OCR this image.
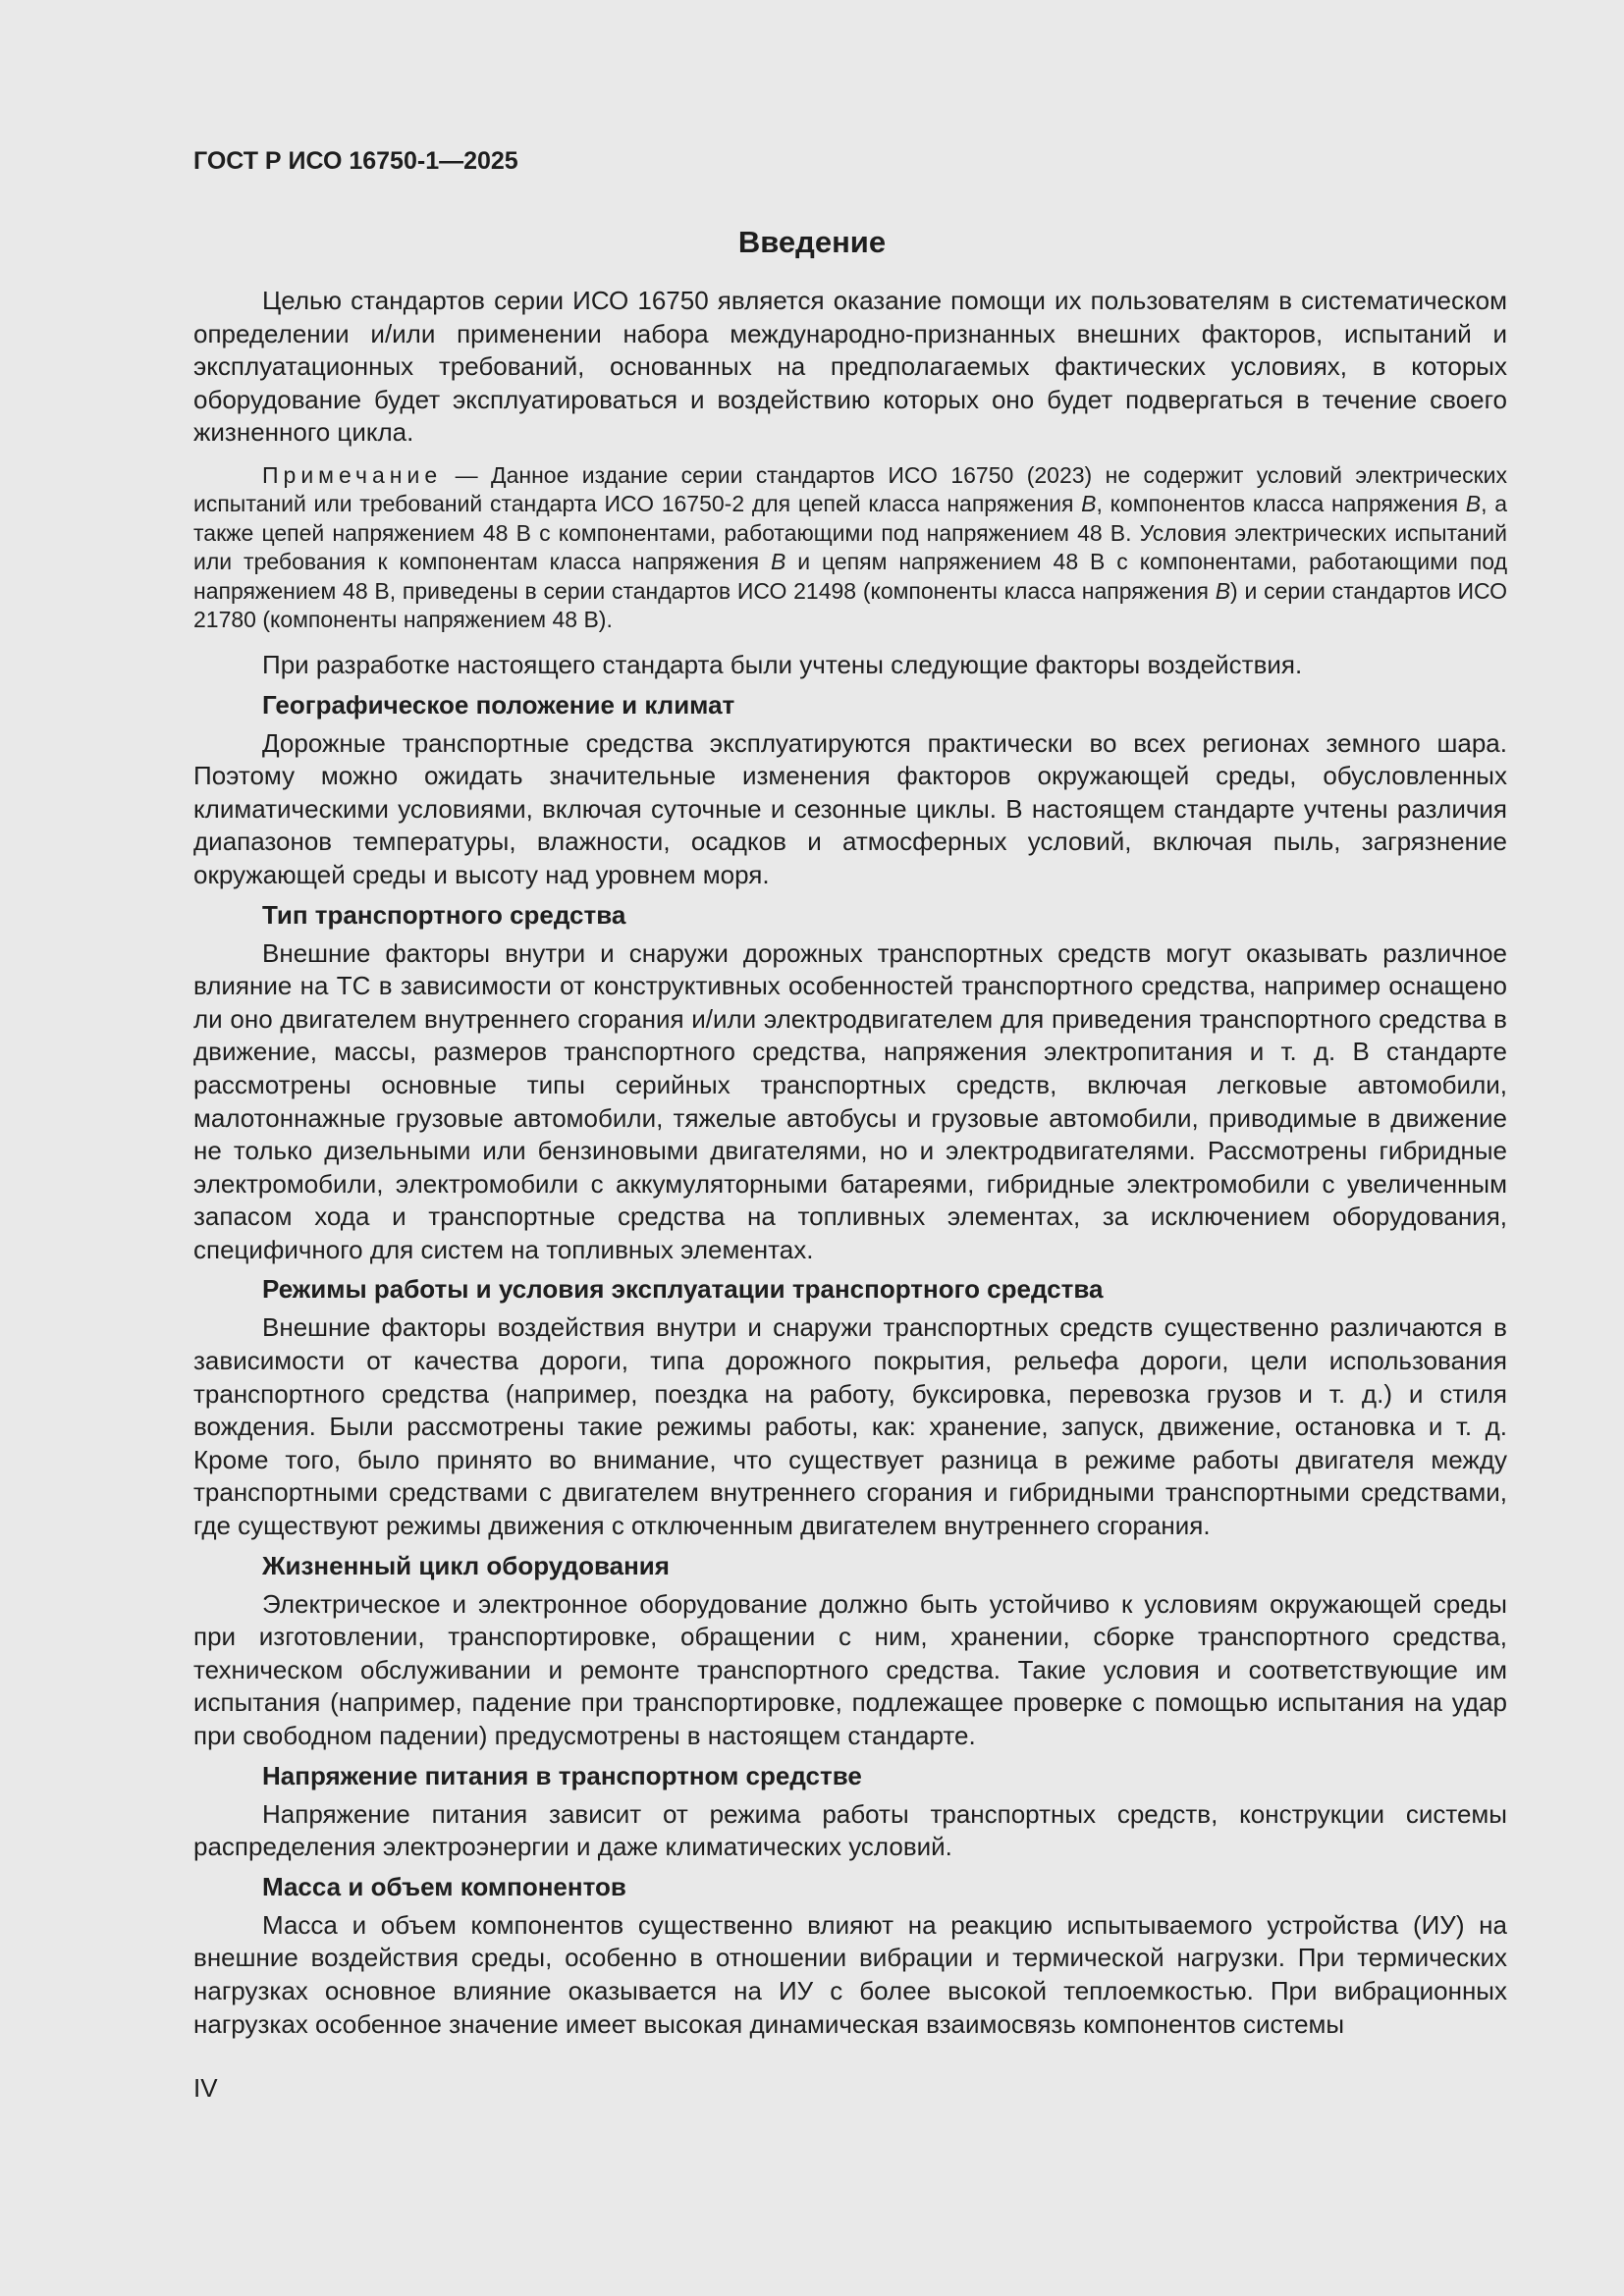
ГОСТ Р ИСО 16750-1—2025

Введение

Целью стандартов серии ИСО 16750 является оказание помощи их пользователям в систематическом определении и/или применении набора международно-признанных внешних факторов, испытаний и эксплуатационных требований, основанных на предполагаемых фактических условиях, в которых оборудование будет эксплуатироваться и воздействию которых оно будет подвергаться в течение своего жизненного цикла.

Примечание — Данное издание серии стандартов ИСО 16750 (2023) не содержит условий электрических испытаний или требований стандарта ИСО 16750-2 для цепей класса напряжения B, компонентов класса напряжения B, а также цепей напряжением 48 В с компонентами, работающими под напряжением 48 В. Условия электрических испытаний или требования к компонентам класса напряжения B и цепям напряжением 48 В с компонентами, работающими под напряжением 48 В, приведены в серии стандартов ИСО 21498 (компоненты класса напряжения B) и серии стандартов ИСО 21780 (компоненты напряжением 48 В).

При разработке настоящего стандарта были учтены следующие факторы воздействия.

Географическое положение и климат

Дорожные транспортные средства эксплуатируются практически во всех регионах земного шара. Поэтому можно ожидать значительные изменения факторов окружающей среды, обусловленных климатическими условиями, включая суточные и сезонные циклы. В настоящем стандарте учтены различия диапазонов температуры, влажности, осадков и атмосферных условий, включая пыль, загрязнение окружающей среды и высоту над уровнем моря.

Тип транспортного средства

Внешние факторы внутри и снаружи дорожных транспортных средств могут оказывать различное влияние на ТС в зависимости от конструктивных особенностей транспортного средства, например оснащено ли оно двигателем внутреннего сгорания и/или электродвигателем для приведения транспортного средства в движение, массы, размеров транспортного средства, напряжения электропитания и т. д. В стандарте рассмотрены основные типы серийных транспортных средств, включая легковые автомобили, малотоннажные грузовые автомобили, тяжелые автобусы и грузовые автомобили, приводимые в движение не только дизельными или бензиновыми двигателями, но и электродвигателями. Рассмотрены гибридные электромобили, электромобили с аккумуляторными батареями, гибридные электромобили с увеличенным запасом хода и транспортные средства на топливных элементах, за исключением оборудования, специфичного для систем на топливных элементах.

Режимы работы и условия эксплуатации транспортного средства

Внешние факторы воздействия внутри и снаружи транспортных средств существенно различаются в зависимости от качества дороги, типа дорожного покрытия, рельефа дороги, цели использования транспортного средства (например, поездка на работу, буксировка, перевозка грузов и т. д.) и стиля вождения. Были рассмотрены такие режимы работы, как: хранение, запуск, движение, остановка и т. д. Кроме того, было принято во внимание, что существует разница в режиме работы двигателя между транспортными средствами с двигателем внутреннего сгорания и гибридными транспортными средствами, где существуют режимы движения с отключенным двигателем внутреннего сгорания.

Жизненный цикл оборудования

Электрическое и электронное оборудование должно быть устойчиво к условиям окружающей среды при изготовлении, транспортировке, обращении с ним, хранении, сборке транспортного средства, техническом обслуживании и ремонте транспортного средства. Такие условия и соответствующие им испытания (например, падение при транспортировке, подлежащее проверке с помощью испытания на удар при свободном падении) предусмотрены в настоящем стандарте.

Напряжение питания в транспортном средстве

Напряжение питания зависит от режима работы транспортных средств, конструкции системы распределения электроэнергии и даже климатических условий.

Масса и объем компонентов

Масса и объем компонентов существенно влияют на реакцию испытываемого устройства (ИУ) на внешние воздействия среды, особенно в отношении вибрации и термической нагрузки. При термических нагрузках основное влияние оказывается на ИУ с более высокой теплоемкостью. При вибрационных нагрузках особенное значение имеет высокая динамическая взаимосвязь компонентов системы

IV
